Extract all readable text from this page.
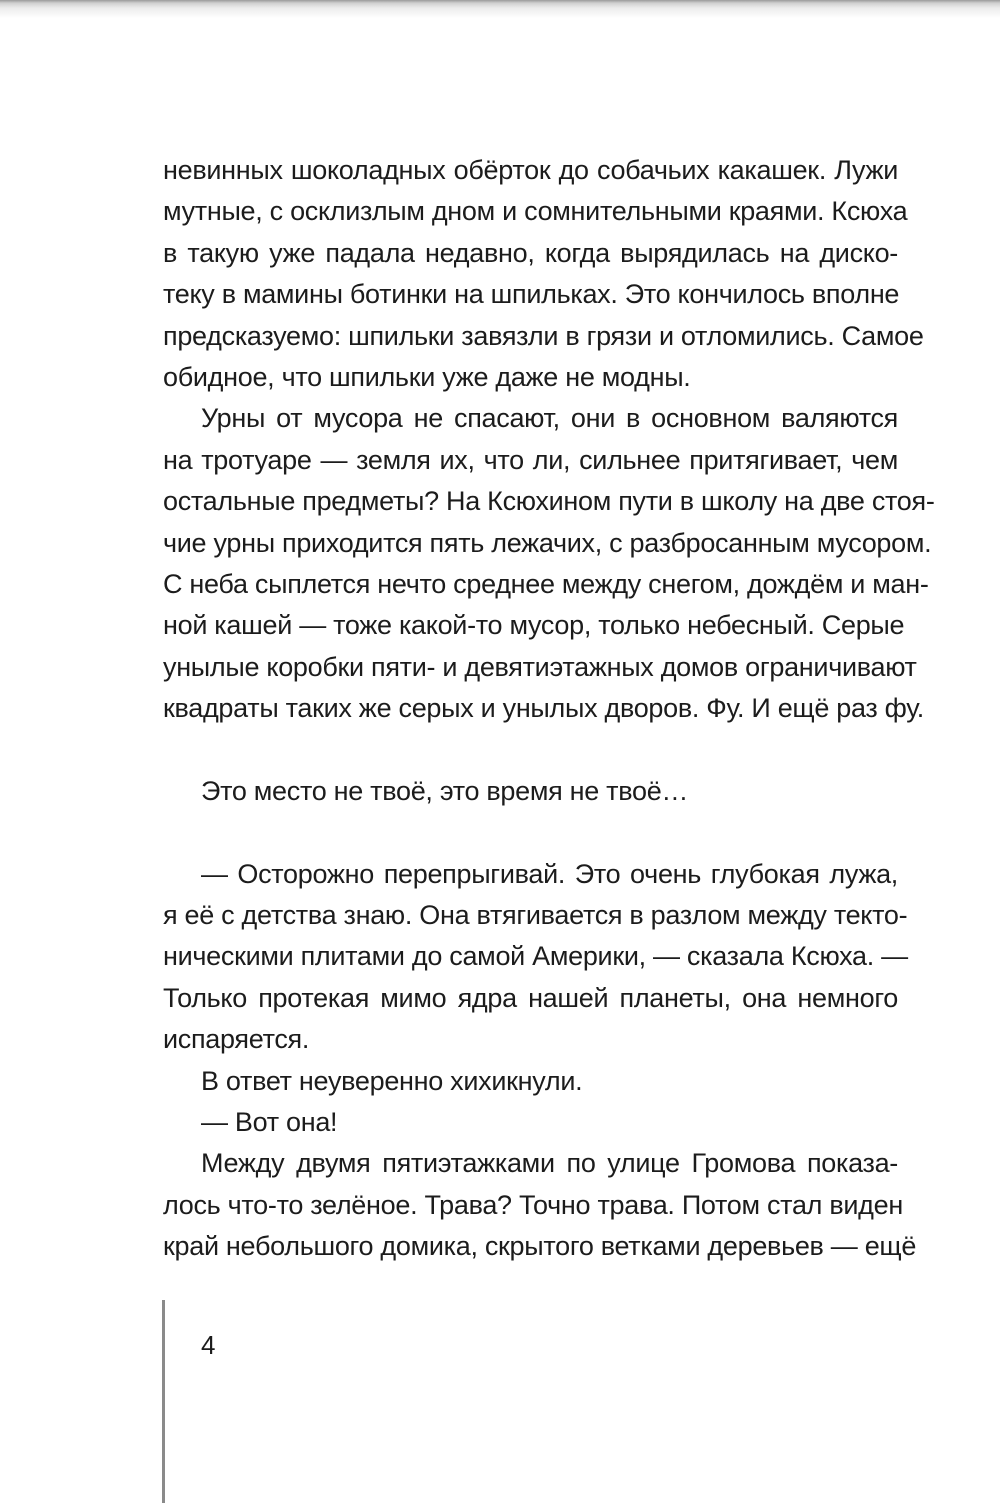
невинных шоколадных обёрток до собачьих какашек. Лужи
мутные, с осклизлым дном и сомнительными краями. Ксюха
в такую уже падала недавно, когда вырядилась на диско-
теку в мамины ботинки на шпильках. Это кончилось вполне
предсказуемо: шпильки завязли в грязи и отломились. Самое
обидное, что шпильки уже даже не модны.
Урны от мусора не спасают, они в основном валяются
на тротуаре — земля их, что ли, сильнее притягивает, чем
остальные предметы? На Ксюхином пути в школу на две стоя-
чие урны приходится пять лежачих, с разбросанным мусором.
С неба сыплется нечто среднее между снегом, дождём и ман-
ной кашей — тоже какой-то мусор, только небесный. Серые
унылые коробки пяти- и девятиэтажных домов ограничивают
квадраты таких же серых и унылых дворов. Фу. И ещё раз фу.
Это место не твоё, это время не твоё…
— Осторожно перепрыгивай. Это очень глубокая лужа,
я её с детства знаю. Она втягивается в разлом между текто-
ническими плитами до самой Америки, — сказала Ксюха. —
Только протекая мимо ядра нашей планеты, она немного
испаряется.
В ответ неуверенно хихикнули.
— Вот она!
Между двумя пятиэтажками по улице Громова показа-
лось что-то зелёное. Трава? Точно трава. Потом стал виден
край небольшого домика, скрытого ветками деревьев — ещё
4
